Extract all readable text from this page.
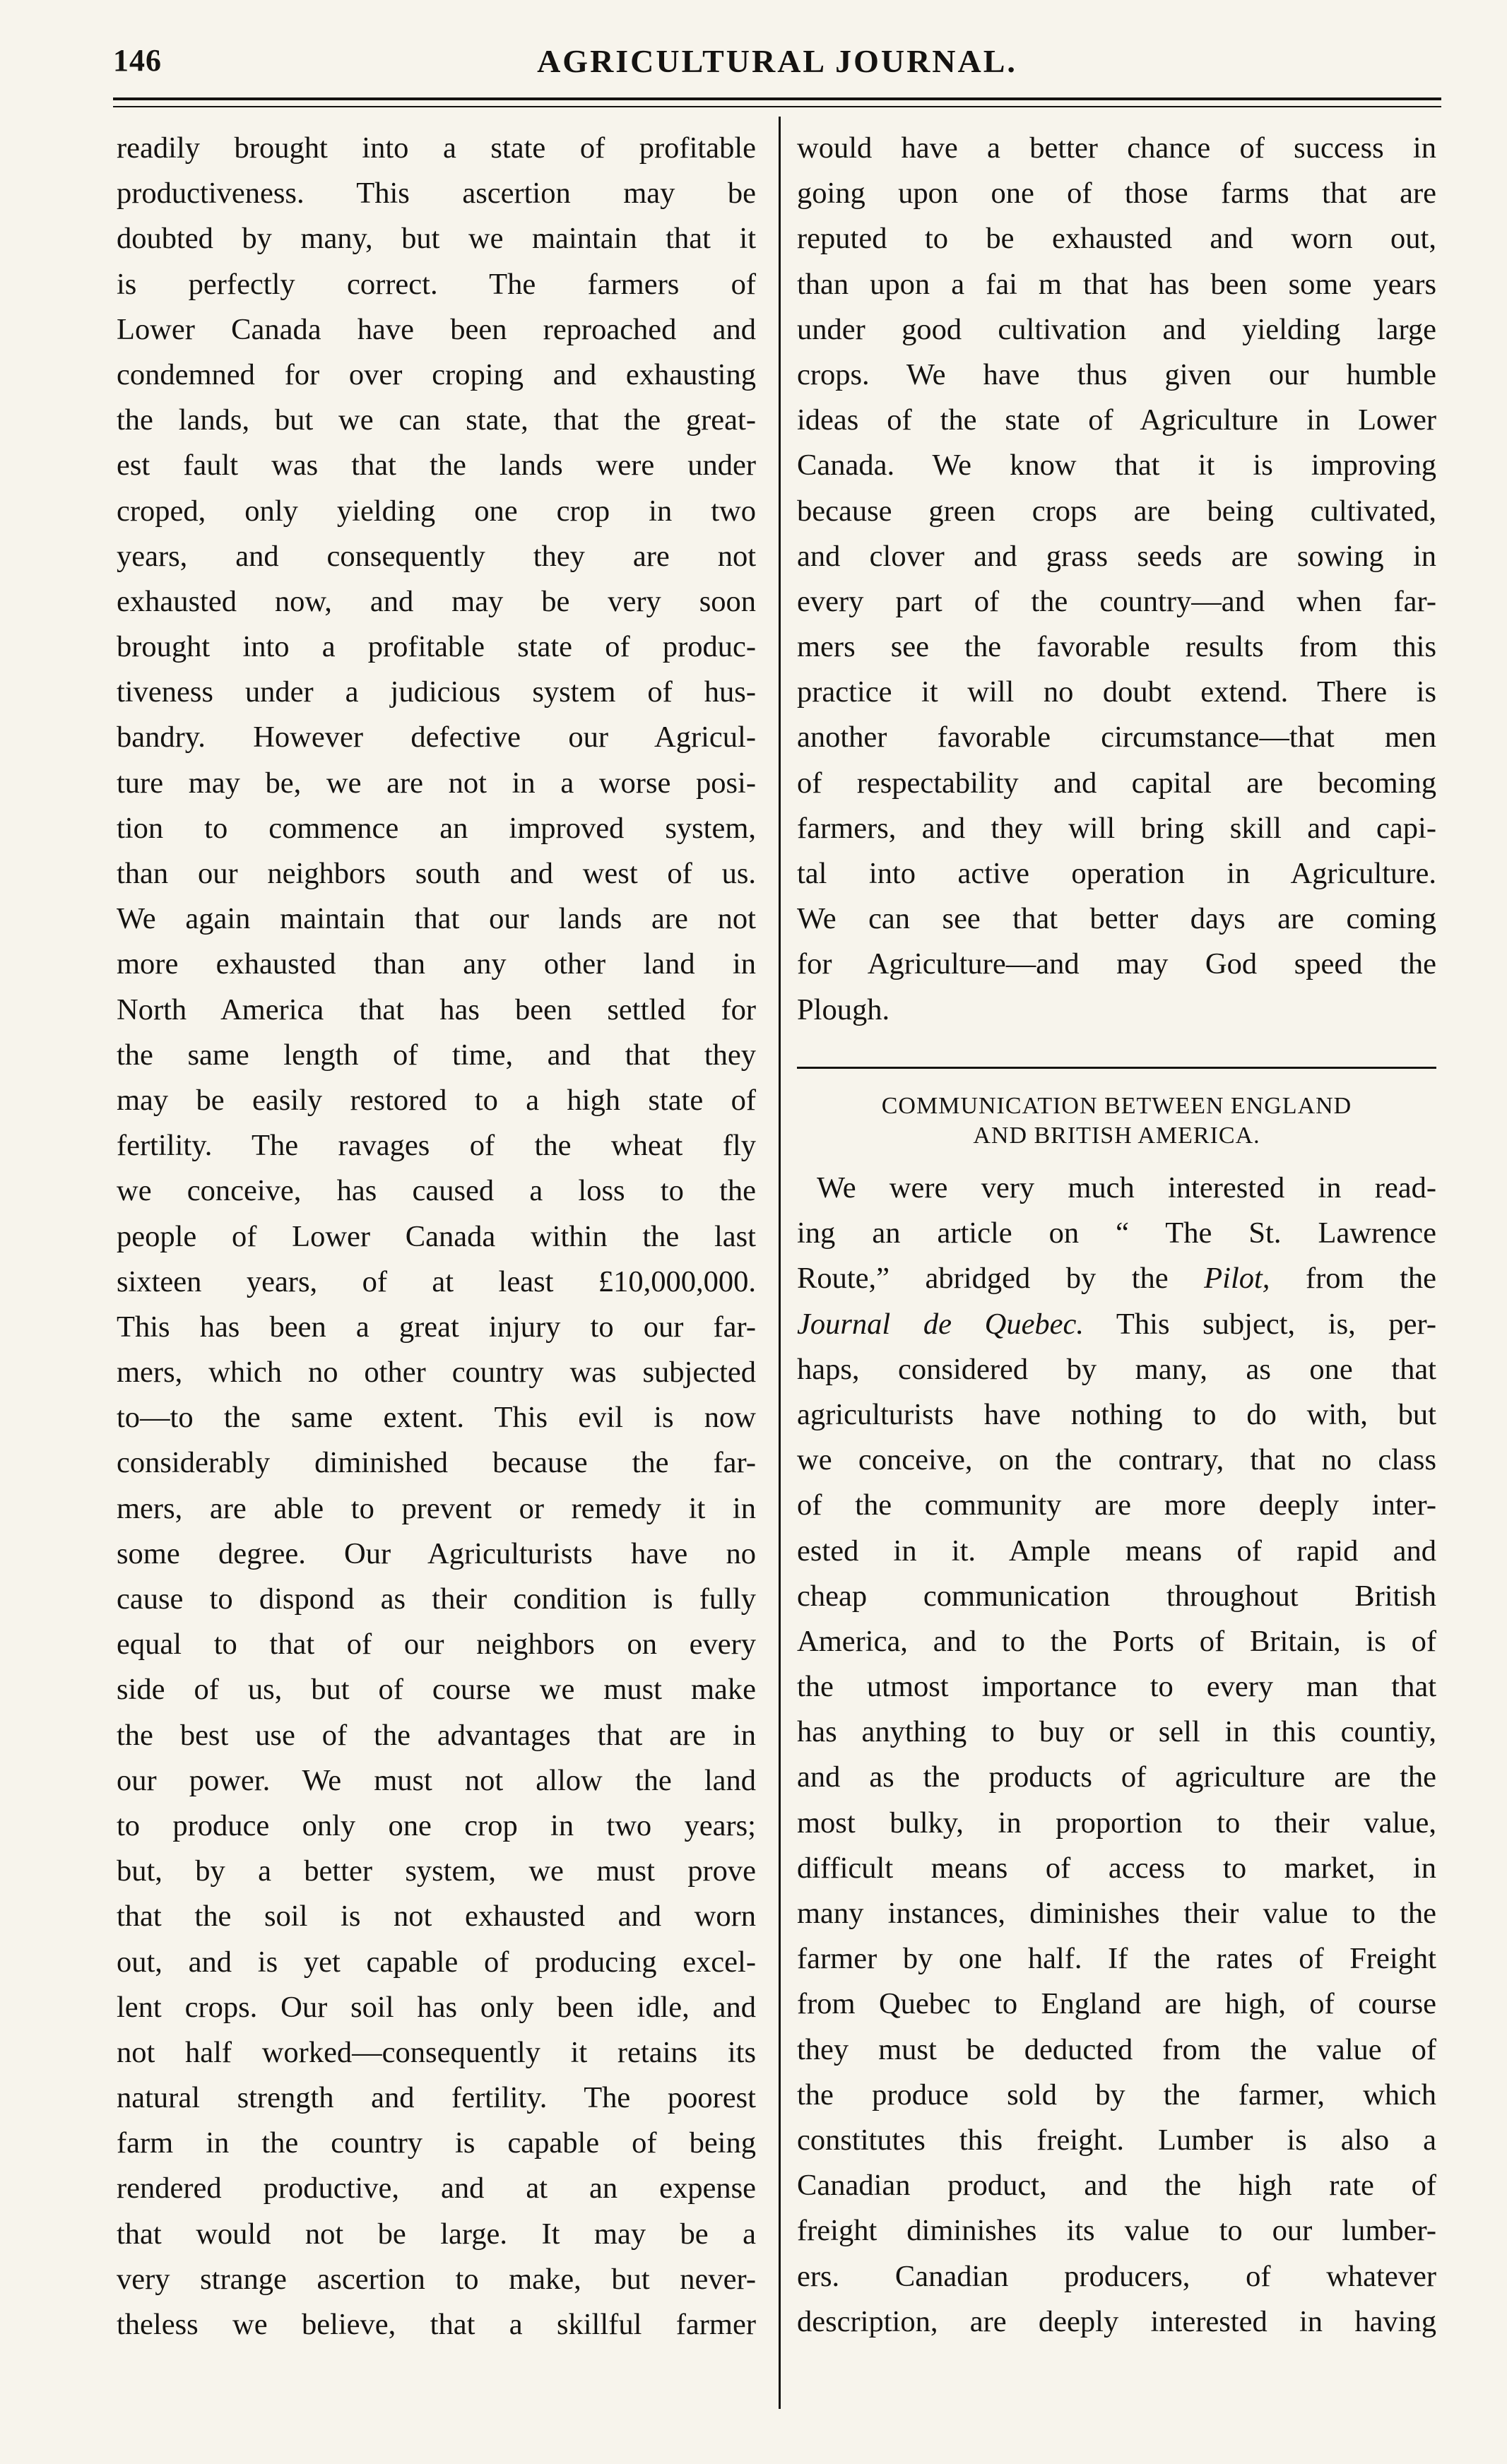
146	AGRICULTURAL JOURNAL.
readily brought into a state of profitable
productiveness. This ascertion may be
doubted by many, but we maintain that it
is perfectly correct. The farmers of
Lower Canada have been reproached and
condemned for over croping and exhausting
the lands, but we can state, that the great-
est fault was that the lands were under
croped, only yielding one crop in two
years, and consequently they are not
exhausted now, and may be very soon
brought into a profitable state of produc-
tiveness under a judicious system of hus-
bandry. However defective our Agricul-
ture may be, we are not in a worse posi-
tion to commence an improved system,
than our neighbors south and west of us.
We again maintain that our lands are not
more exhausted than any other land in
North America that has been settled for
the same length of time, and that they
may be easily restored to a high state of
fertility. The ravages of the wheat fly
we conceive, has caused a loss to the
people of Lower Canada within the last
sixteen years, of at least £10,000,000.
This has been a great injury to our far-
mers, which no other country was subjected
to—to the same extent. This evil is now
considerably diminished because the far-
mers, are able to prevent or remedy it in
some degree. Our Agriculturists have no
cause to dispond as their condition is fully
equal to that of our neighbors on every
side of us, but of course we must make
the best use of the advantages that are in
our power. We must not allow the land
to produce only one crop in two years;
but, by a better system, we must prove
that the soil is not exhausted and worn
out, and is yet capable of producing excel-
lent crops. Our soil has only been idle, and
not half worked—consequently it retains its
natural strength and fertility. The poorest
farm in the country is capable of being
rendered productive, and at an expense
that would not be large. It may be a
very strange ascertion to make, but never-
theless we believe, that a skillful farmer
would have a better chance of success in
going upon one of those farms that are
reputed to be exhausted and worn out,
than upon a fai m that has been some years
under good cultivation and yielding large
crops. We have thus given our humble
ideas of the state of Agriculture in Lower
Canada. We know that it is improving
because green crops are being cultivated,
and clover and grass seeds are sowing in
every part of the country—and when far-
mers see the favorable results from this
practice it will no doubt extend. There is
another favorable circumstance—that men
of respectability and capital are becoming
farmers, and they will bring skill and capi-
tal into active operation in Agriculture.
We can see that better days are coming
for Agriculture—and may God speed the
Plough.
COMMUNICATION BETWEEN ENGLAND
AND BRITISH AMERICA.
We were very much interested in read-
ing an article on “ The St. Lawrence
Route,” abridged by the Pilot, from the
Journal de Quebec. This subject, is, per-
haps, considered by many, as one that
agriculturists have nothing to do with, but
we conceive, on the contrary, that no class
of the community are more deeply inter-
ested in it. Ample means of rapid and
cheap communication throughout British
America, and to the Ports of Britain, is of
the utmost importance to every man that
has anything to buy or sell in this countiy,
and as the products of agriculture are the
most bulky, in proportion to their value,
difficult means of access to market, in
many instances, diminishes their value to the
farmer by one half. If the rates of Freight
from Quebec to England are high, of course
they must be deducted from the value of
the produce sold by the farmer, which
constitutes this freight. Lumber is also a
Canadian product, and the high rate of
freight diminishes its value to our lumber-
ers. Canadian producers, of whatever
description, are deeply interested in having
